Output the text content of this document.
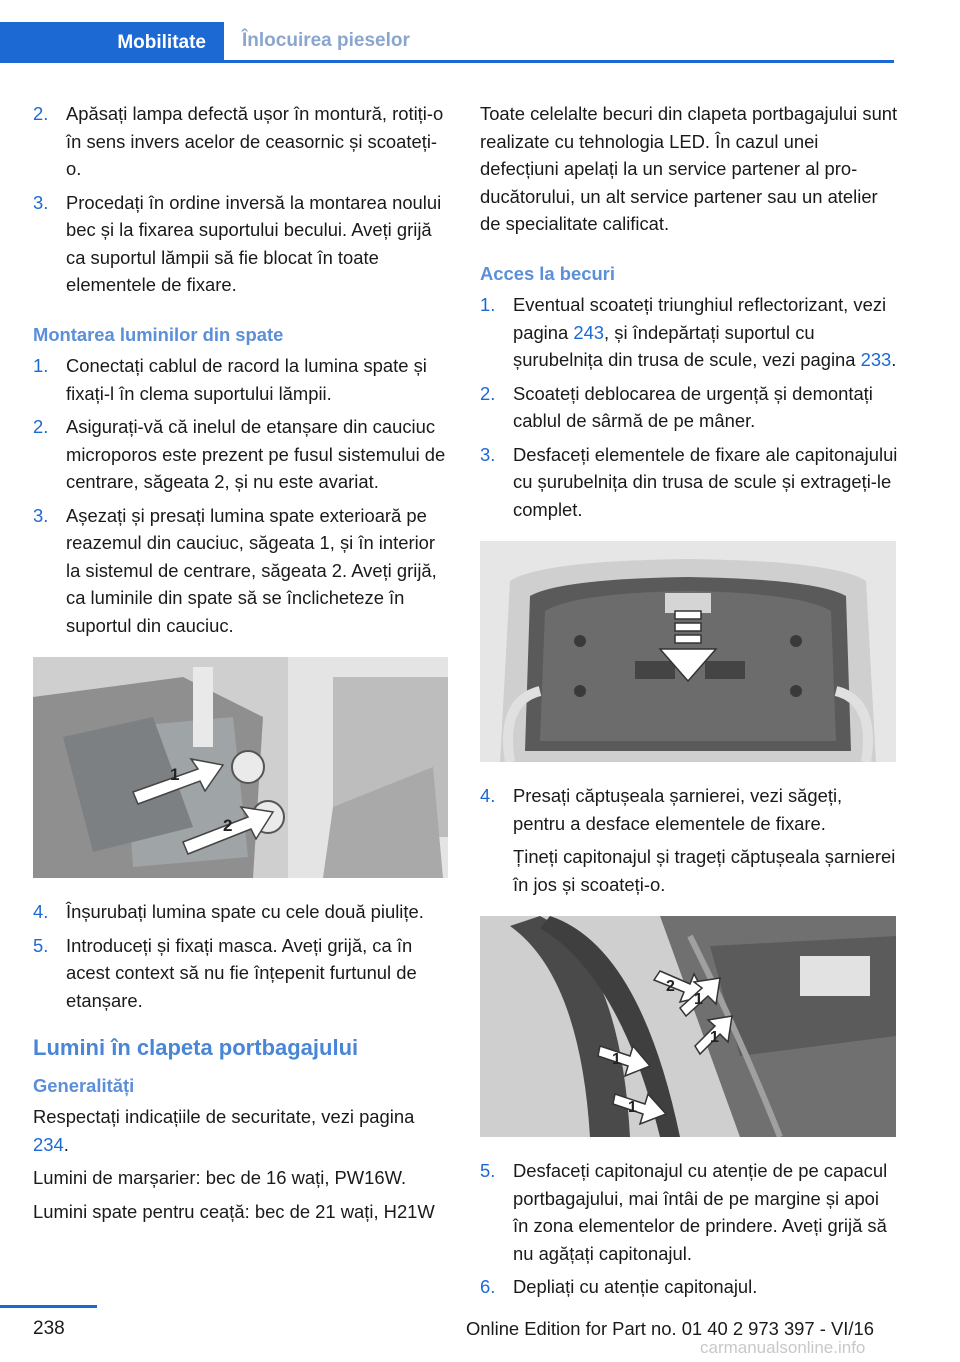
Mobilitate	Înlocuirea pieselor
2. Apăsați lampa defectă ușor în montură, rotiți-o în sens invers acelor de ceasornic și scoateți-o.
3. Procedați în ordine inversă la montarea noului bec și la fixarea suportului becului. Aveți grijă ca suportul lămpii să fie blocat în toate elementele de fixare.
Montarea luminilor din spate
1. Conectați cablul de racord la lumina spate și fixați-l în clema suportului lămpii.
2. Asigurați-vă că inelul de etanșare din cauciuc microporos este prezent pe fusul sistemului de centrare, săgeata 2, și nu este avariat.
3. Așezați și presați lumina spate exterioară pe reazemul din cauciuc, săgeata 1, și în interior la sistemul de centrare, săgeata 2. Aveți grijă, ca luminile din spate să se înclicheteze în suportul din cauciuc.
1
2
4. Înșurubați lumina spate cu cele două piulițe.
5. Introduceți și fixați masca. Aveți grijă, ca în acest context să nu fie înțepenit furtunul de etanșare.
Lumini în clapeta portbagajului
Generalități
Respectați indicațiile de securitate, vezi pagina 234.
Lumini de marșarier: bec de 16 wați, PW16W.
Lumini spate pentru ceață: bec de 21 wați, H21W
Toate celelalte becuri din clapeta portbagajului sunt realizate cu tehnologia LED. În cazul unei defecțiuni apelați la un service partener al producătorului, un alt service partener sau un atelier de specialitate calificat.
Acces la becuri
1. Eventual scoateți triunghiul reflectorizant, vezi pagina 243, și îndepărtați suportul cu șurubelnița din trusa de scule, vezi pagina 233.
2. Scoateți deblocarea de urgență și demontați cablul de sârmă de pe mâner.
3. Desfaceți elementele de fixare ale capitonajului cu șurubelnița din trusa de scule și extrageți-le complet.
4. Presați căptușeala șarnierei, vezi săgeți, pentru a desface elementele de fixare.
Țineți capitonajul și trageți căptușeala șarnierei în jos și scoateți-o.
2
1
1
1
1
5. Desfaceți capitonajul cu atenție de pe capacul portbagajului, mai întâi de pe margine și apoi în zona elementelor de prindere. Aveți grijă să nu agățați capitonajul.
6. Depliați cu atenție capitonajul.
238	Online Edition for Part no. 01 40 2 973 397 - VI/16
carmanualsonline.info
